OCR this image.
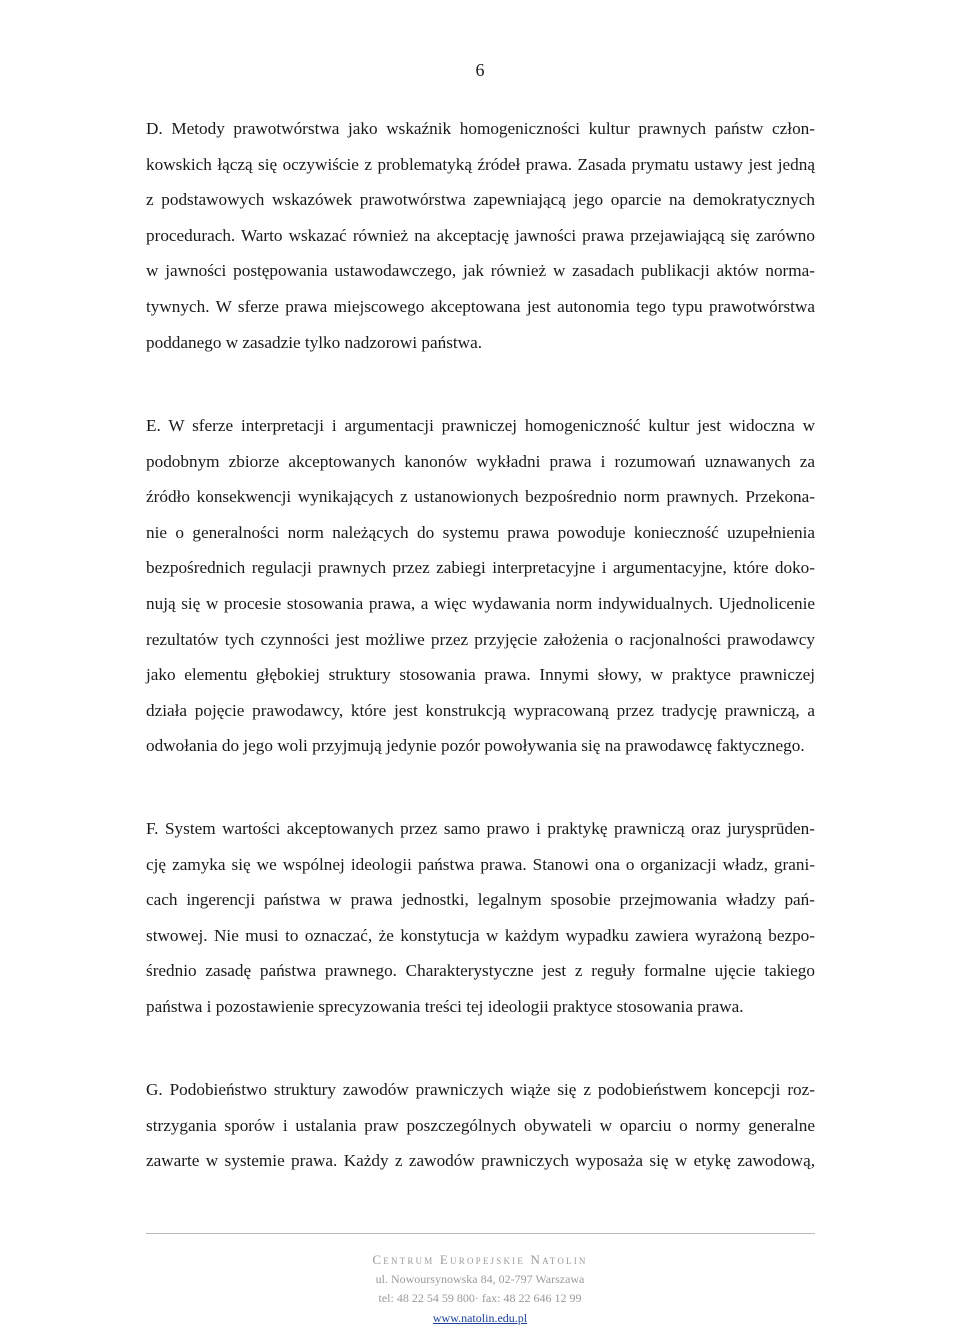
6

D. Metody prawotwórstwa jako wskaźnik homogeniczności kultur prawnych państw człon-
kowskich łączą się oczywiście z problematyką źródeł prawa. Zasada prymatu ustawy jest jedną
z podstawowych wskazówek prawotwórstwa zapewniającą jego oparcie na demokratycznych
procedurach. Warto wskazać również na akceptację jawności prawa przejawiającą się zarówno
w jawności postępowania ustawodawczego, jak również w zasadach publikacji aktów norma-
tywnych. W sferze prawa miejscowego akceptowana jest autonomia tego typu prawotwórstwa
poddanego w zasadzie tylko nadzorowi państwa.

E. W sferze interpretacji i argumentacji prawniczej homogeniczność kultur jest widoczna w
podobnym zbiorze akceptowanych kanonów wykładni prawa i rozumowań uznawanych za
źródło konsekwencji wynikających z ustanowionych bezpośrednio norm prawnych. Przekona-
nie o generalności norm należących do systemu prawa powoduje konieczność uzupełnienia
bezpośrednich regulacji prawnych przez zabiegi interpretacyjne i argumentacyjne, które doko-
nują się w procesie stosowania prawa, a więc wydawania norm indywidualnych. Ujednolicenie
rezultatów tych czynności jest możliwe przez przyjęcie założenia o racjonalności prawodawcy
jako elementu głębokiej struktury stosowania prawa. Innymi słowy, w praktyce prawniczej
działa pojęcie prawodawcy, które jest konstrukcją wypracowaną przez tradycję prawniczą, a
odwołania do jego woli przyjmują jedynie pozór powoływania się na prawodawcę faktycznego.

F. System wartości akceptowanych przez samo prawo i praktykę prawniczą oraz jurysprūden-
cję zamyka się we wspólnej ideologii państwa prawa. Stanowi ona o organizacji władz, grani-
cach ingerencji państwa w prawa jednostki, legalnym sposobie przejmowania władzy pań-
stwowej. Nie musi to oznaczać, że konstytucja w każdym wypadku zawiera wyrażoną bezpo-
średnio zasadę państwa prawnego. Charakterystyczne jest z reguły formalne ujęcie takiego
państwa i pozostawienie sprecyzowania treści tej ideologii praktyce stosowania prawa.

G. Podobieństwo struktury zawodów prawniczych wiąże się z podobieństwem koncepcji roz-
strzygania sporów i ustalania praw poszczególnych obywateli w oparciu o normy generalne
zawarte w systemie prawa. Każdy z zawodów prawniczych wyposaża się w etykę zawodową,

Centrum Europejskie Natolin
ul. Nowoursynowska 84, 02-797 Warszawa
tel: 48 22 54 59 800· fax: 48 22 646 12 99
www.natolin.edu.pl
